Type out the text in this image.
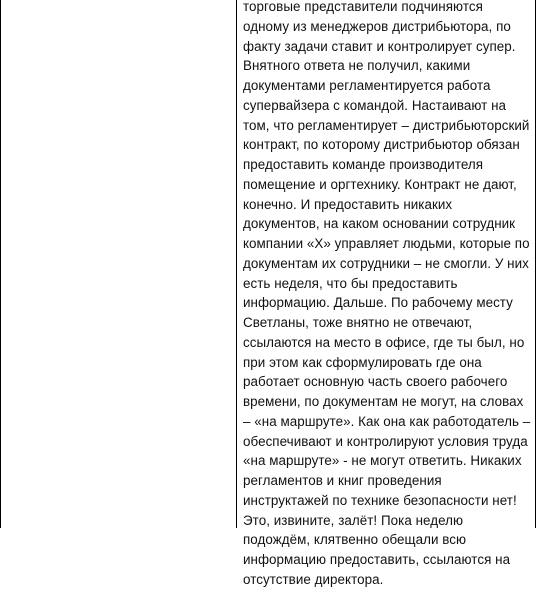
торговые представители подчиняются
одному из менеджеров дистрибьютора, по
факту задачи ставит и контролирует супер.
Внятного ответа не получил, какими
документами регламентируется работа
супервайзера с командой. Настаивают на
том, что регламентирует – дистрибьюторский
контракт, по которому дистрибьютор обязан
предоставить команде производителя
помещение и оргтехнику. Контракт не дают,
конечно. И предоставить никаких
документов, на каком основании сотрудник
компании «Х» управляет людьми, которые по
документам их сотрудники – не смогли. У них
есть неделя, что бы предоставить
информацию. Дальше. По рабочему месту
Светланы, тоже внятно не отвечают,
ссылаются на место в офисе, где ты был, но
при этом как сформулировать где она
работает основную часть своего рабочего
времени, по документам не могут, на словах
– «на маршруте». Как она как работодатель –
обеспечивают и контролируют условия труда
«на маршруте» - не могут ответить. Никаких
регламентов и книг проведения
инструктажей по технике безопасности нет!
Это, извините, залёт! Пока неделю
подождём, клятвенно обещали всю
информацию предоставить, ссылаются на
отсутствие директора.
